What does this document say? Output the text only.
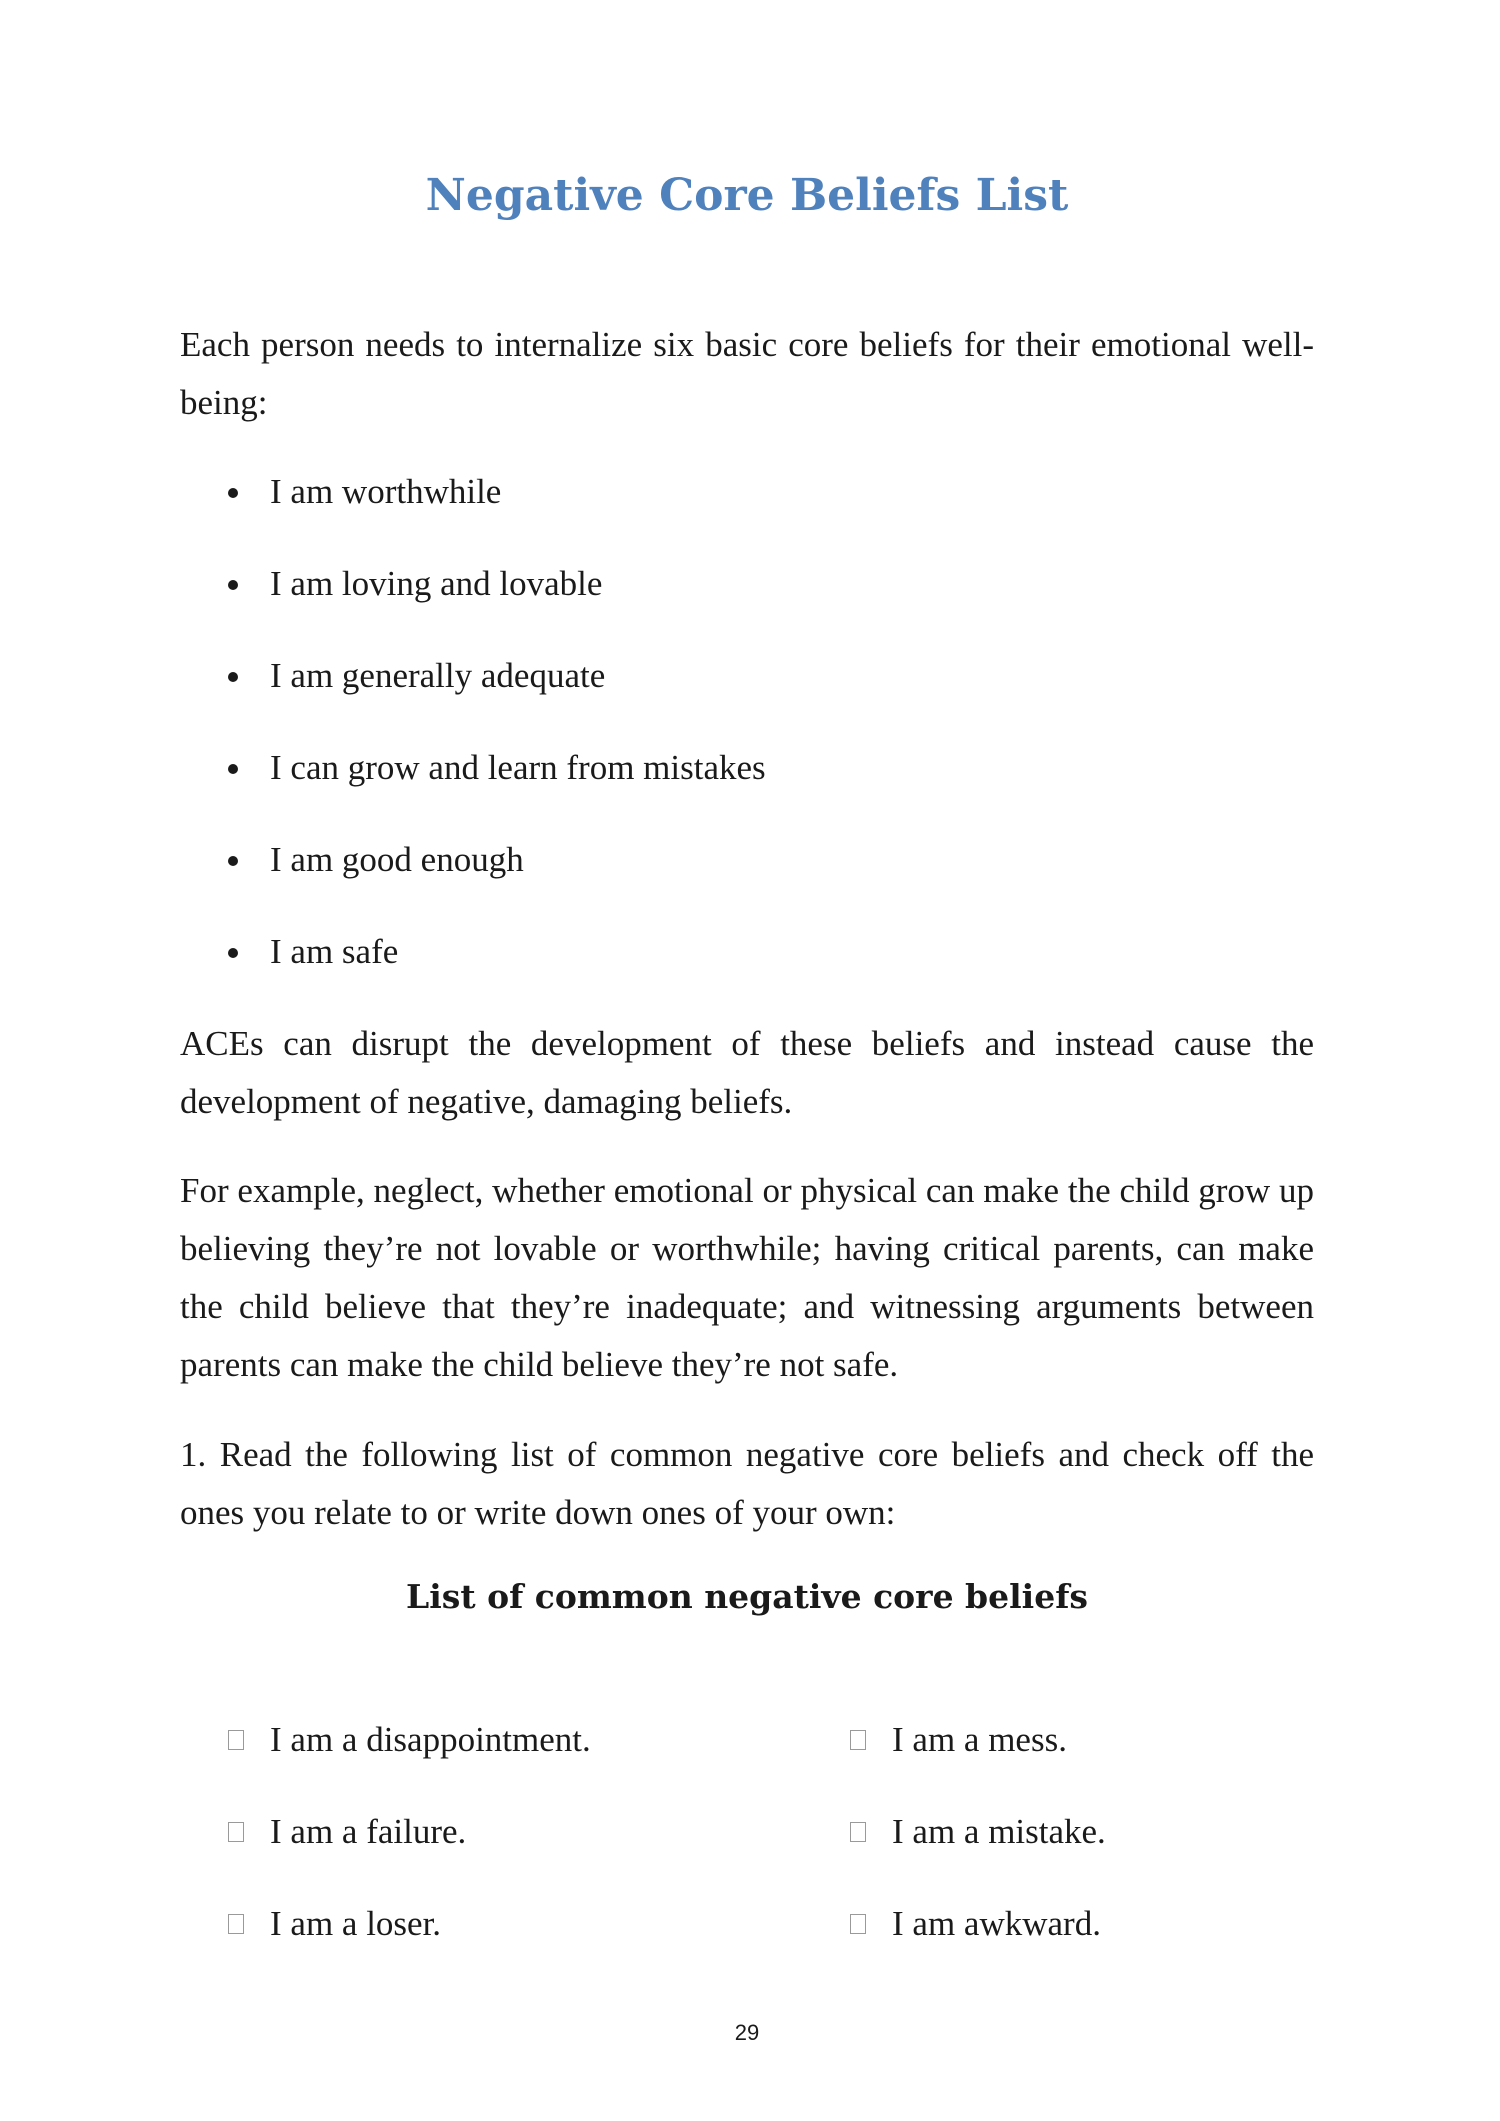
Negative Core Beliefs List

Each person needs to internalize six basic core beliefs for their emotional well-being:

I am worthwhile
I am loving and lovable
I am generally adequate
I can grow and learn from mistakes
I am good enough
I am safe

ACEs can disrupt the development of these beliefs and instead cause the development of negative, damaging beliefs.

For example, neglect, whether emotional or physical can make the child grow up believing they’re not lovable or worthwhile; having critical parents, can make the child believe that they’re inadequate; and witnessing arguments between parents can make the child believe they’re not safe.

1. Read the following list of common negative core beliefs and check off the ones you relate to or write down ones of your own:

List of common negative core beliefs
I am a disappointment.
I am a failure.
I am a loser.
I am a mess.
I am a mistake.
I am awkward.
29
